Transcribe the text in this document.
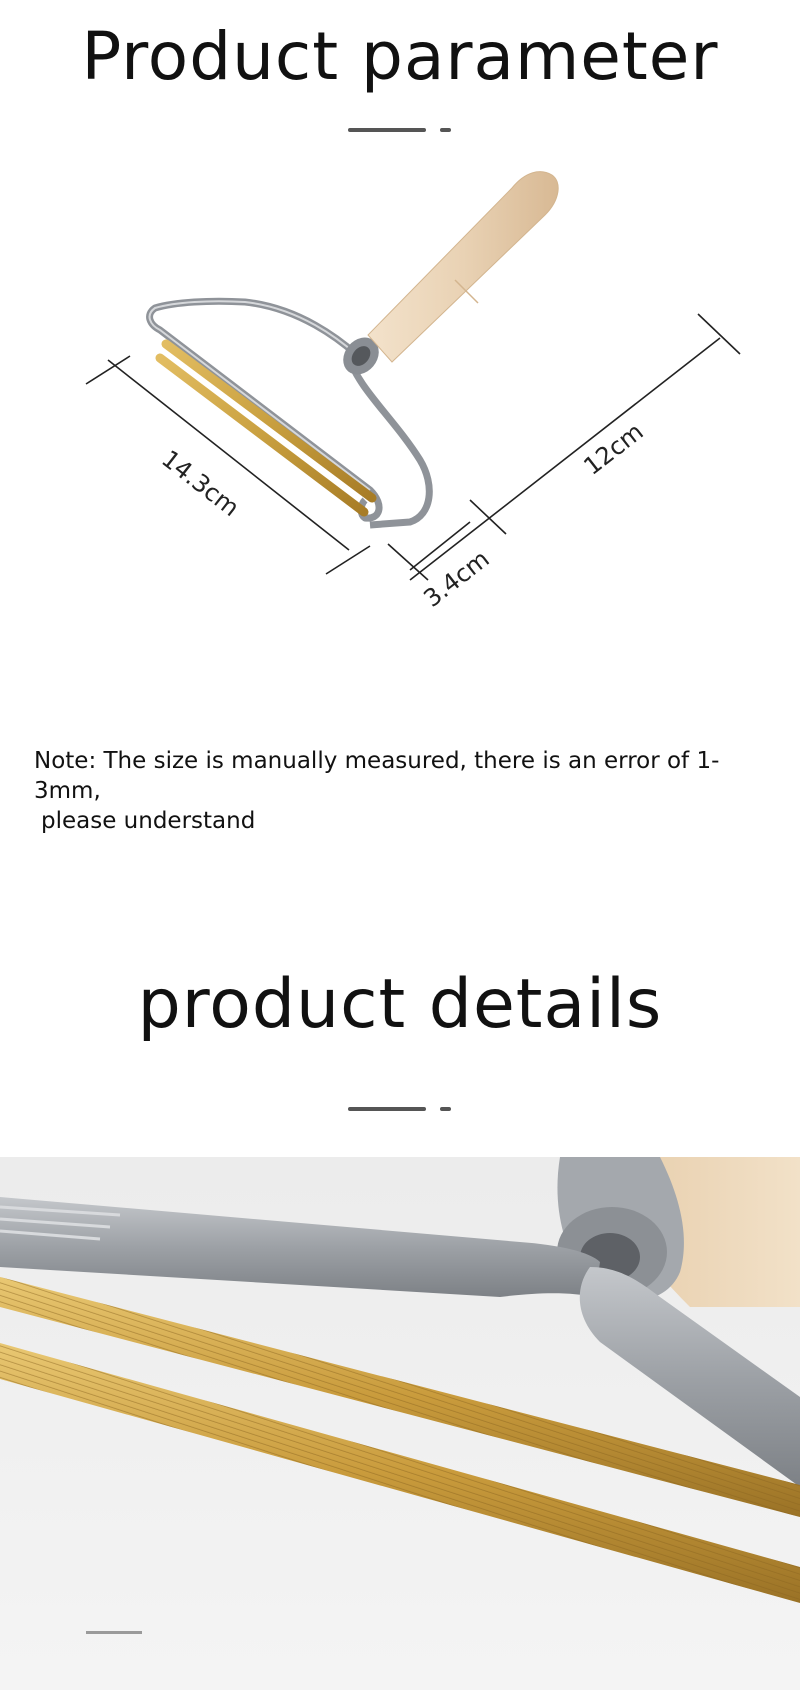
Product parameter
14.3cm	12cm
3.4cm
Note: The size is manually measured, there is an error of 1-3mm,
please understand
product details
